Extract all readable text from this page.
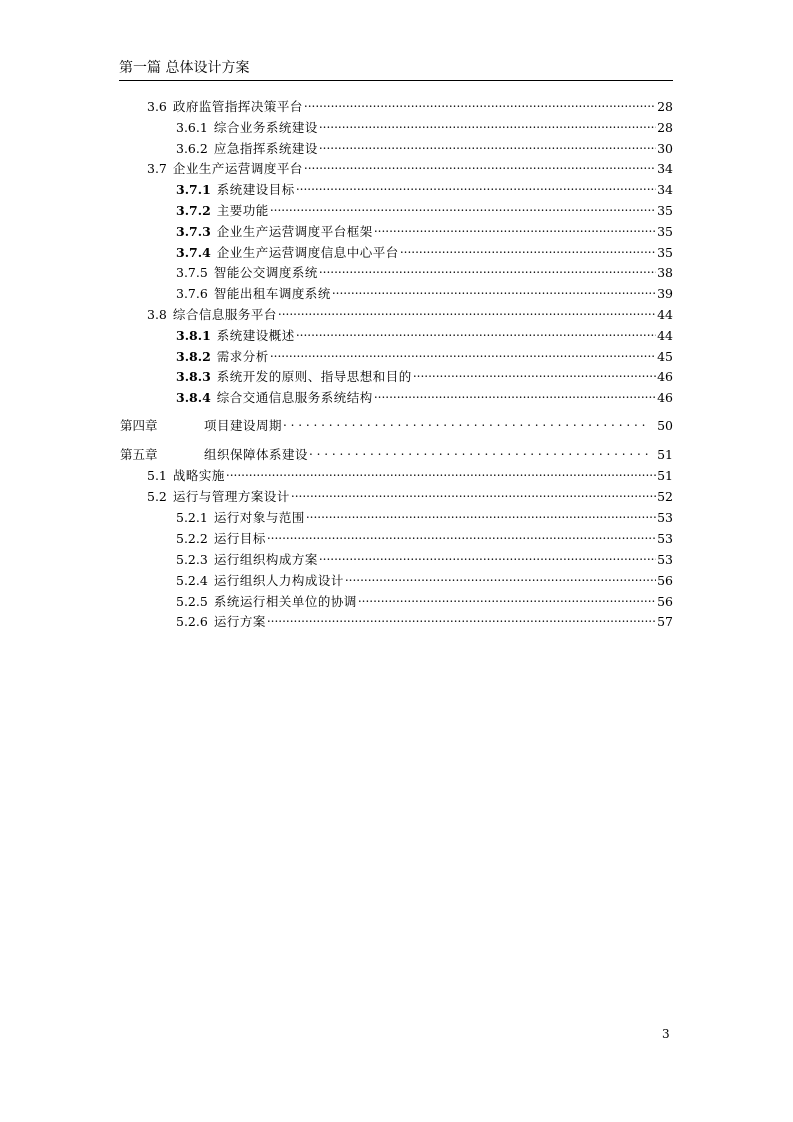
第一篇 总体设计方案
3.6 政府监管指挥决策平台 .....	28
3.6.1 综合业务系统建设 .....	28
3.6.2 应急指挥系统建设 .....	30
3.7 企业生产运营调度平台 .....	34
3.7.1 系统建设目标 .....	34
3.7.2 主要功能 .....	35
3.7.3 企业生产运营调度平台框架 .....	35
3.7.4 企业生产运营调度信息中心平台 .....	35
3.7.5 智能公交调度系统 .....	38
3.7.6 智能出租车调度系统 .....	39
3.8 综合信息服务平台 .....	44
3.8.1 系统建设概述 .....	44
3.8.2 需求分析 .....	45
3.8.3 系统开发的原则、指导思想和目的 .....	46
3.8.4 综合交通信息服务系统结构 .....	46
第四章	项目建设周期 . . .	50
第五章	组织保障体系建设 . . .	51
5.1 战略实施 .....	51
5.2 运行与管理方案设计 .....	52
5.2.1 运行对象与范围 .....	53
5.2.2 运行目标 .....	53
5.2.3 运行组织构成方案 .....	53
5.2.4 运行组织人力构成设计 .....	56
5.2.5 系统运行相关单位的协调 .....	56
5.2.6 运行方案 .....	57
3
